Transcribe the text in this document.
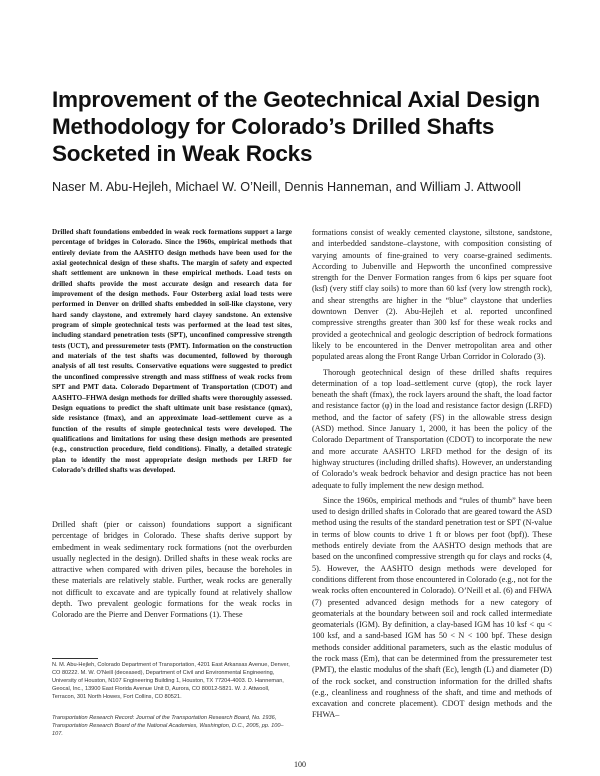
Improvement of the Geotechnical Axial Design Methodology for Colorado’s Drilled Shafts Socketed in Weak Rocks
Naser M. Abu-Hejleh, Michael W. O’Neill, Dennis Hanneman, and William J. Attwooll
Drilled shaft foundations embedded in weak rock formations support a large percentage of bridges in Colorado. Since the 1960s, empirical methods that entirely deviate from the AASHTO design methods have been used for the axial geotechnical design of these shafts. The margin of safety and expected shaft settlement are unknown in these empirical methods. Load tests on drilled shafts provide the most accurate design and research data for improvement of the design methods. Four Osterberg axial load tests were performed in Denver on drilled shafts embedded in soil-like claystone, very hard sandy claystone, and extremely hard clayey sandstone. An extensive program of simple geotechnical tests was performed at the load test sites, including standard penetration tests (SPT), unconfined compressive strength tests (UCT), and pressuremeter tests (PMT). Information on the construction and materials of the test shafts was documented, followed by thorough analysis of all test results. Conservative equations were suggested to predict the unconfined compressive strength and mass stiffness of weak rocks from SPT and PMT data. Colorado Department of Transportation (CDOT) and AASHTO–FHWA design methods for drilled shafts were thoroughly assessed. Design equations to predict the shaft ultimate unit base resistance (qmax), side resistance (fmax), and an approximate load–settlement curve as a function of the results of simple geotechnical tests were developed. The qualifications and limitations for using these design methods are presented (e.g., construction procedure, field conditions). Finally, a detailed strategic plan to identify the most appropriate design methods per LRFD for Colorado’s drilled shafts was developed.

Drilled shaft (pier or caisson) foundations support a significant percentage of bridges in Colorado. These shafts derive support by embedment in weak sedimentary rock formations (not the overburden usually neglected in the design). Drilled shafts in these weak rocks are attractive when compared with driven piles, because the boreholes in these materials are relatively stable. Further, weak rocks are generally not difficult to excavate and are typically found at relatively shallow depth. Two prevalent geologic formations for the weak rocks in Colorado are the Pierre and Denver Formations (1). These

formations consist of weakly cemented claystone, siltstone, sandstone, and interbedded sandstone–claystone, with composition consisting of varying amounts of fine-grained to very coarse-grained sediments. According to Jubenville and Hepworth the unconfined compressive strength for the Denver Formation ranges from 6 kips per square foot (ksf) (very stiff clay soils) to more than 60 ksf (very low strength rock), and shear strengths are higher in the “blue” claystone that underlies downtown Denver (2). Abu-Hejleh et al. reported unconfined compressive strengths greater than 300 ksf for these weak rocks and provided a geotechnical and geologic description of bedrock formations likely to be encountered in the Denver metropolitan area and other populated areas along the Front Range Urban Corridor in Colorado (3).

Thorough geotechnical design of these drilled shafts requires determination of a top load–settlement curve (qtop), the rock layer beneath the shaft (fmax), the rock layers around the shaft, the load factor and resistance factor (φ) in the load and resistance factor design (LRFD) method, and the factor of safety (FS) in the allowable stress design (ASD) method. Since January 1, 2000, it has been the policy of the Colorado Department of Transportation (CDOT) to incorporate the new and more accurate AASHTO LRFD method for the design of its highway structures (including drilled shafts). However, an understanding of Colorado’s weak bedrock behavior and design practice has not been adequate to fully implement the new design method.

Since the 1960s, empirical methods and “rules of thumb” have been used to design drilled shafts in Colorado that are geared toward the ASD method using the results of the standard penetration test or SPT (N-value in terms of blow counts to drive 1 ft or blows per foot (bpf)). These methods entirely deviate from the AASHTO design methods that are based on the unconfined compressive strength qu for clays and rocks (4, 5). However, the AASHTO design methods were developed for conditions different from those encountered in Colorado (e.g., not for the weak rocks often encountered in Colorado). O’Neill et al. (6) and FHWA (7) presented advanced design methods for a new category of geomaterials at the boundary between soil and rock called intermediate geomaterials (IGM). By definition, a clay-based IGM has 10 ksf < qu < 100 ksf, and a sand-based IGM has 50 < N < 100 bpf. These design methods consider additional parameters, such as the elastic modulus of the rock mass (Em), that can be determined from the pressuremeter test (PMT), the elastic modulus of the shaft (Ec), length (L) and diameter (D) of the rock socket, and construction information for the drilled shafts (e.g., cleanliness and roughness of the shaft, and time and methods of excavation and concrete placement). CDOT design methods and the FHWA–

N. M. Abu-Hejleh, Colorado Department of Transportation, 4201 East Arkansas Avenue, Denver, CO 80222. M. W. O’Neill (deceased), Department of Civil and Environmental Engineering, University of Houston, N107 Engineering Building 1, Houston, TX 77204-4003. D. Hanneman, Geocal, Inc., 13900 East Florida Avenue Unit D, Aurora, CO 80012-5821. W. J. Attwooll, Terracon, 301 North Howes, Fort Collins, CO 80521.
Transportation Research Record: Journal of the Transportation Research Board, No. 1936, Transportation Research Board of the National Academies, Washington, D.C., 2005, pp. 100–107.
100
